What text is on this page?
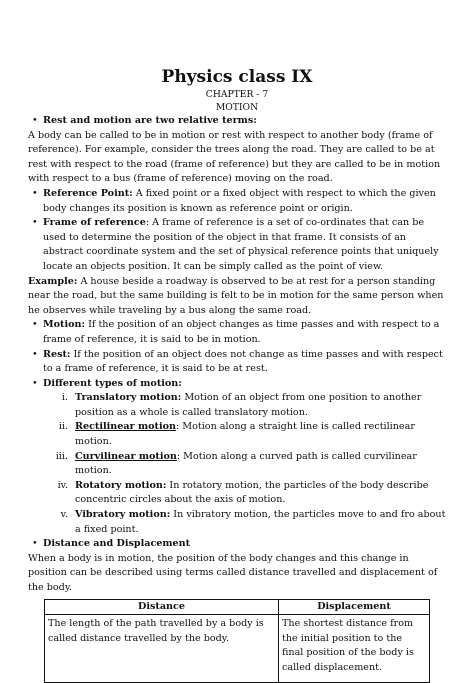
Physics class IX

CHAPTER - 7

MOTION

• Rest and motion are two relative terms:

A body can be called to be in motion or rest with respect to another body (frame of reference). For example, consider the trees along the road. They are called to be at rest with respect to the road (frame of reference) but they are called to be in motion with respect to a bus (frame of reference) moving on the road.

• Reference Point: A fixed point or a fixed object with respect to which the given body changes its position is known as reference point or origin.

• Frame of reference: A frame of reference is a set of co-ordinates that can be used to determine the position of the object in that frame. It consists of an abstract coordinate system and the set of physical reference points that uniquely locate an objects position. It can be simply called as the point of view.

Example: A house beside a roadway is observed to be at rest for a person standing near the road, but the same building is felt to be in motion for the same person when he observes while traveling by a bus along the same road.

• Motion: If the position of an object changes as time passes and with respect to a frame of reference, it is said to be in motion.

• Rest: If the position of an object does not change as time passes and with respect to a frame of reference, it is said to be at rest.

• Different types of motion:

i. Translatory motion: Motion of an object from one position to another position as a whole is called translatory motion.

ii. Rectilinear motion: Motion along a straight line is called rectilinear motion.

iii. Curvilinear motion: Motion along a curved path is called curvilinear motion.

iv. Rotatory motion: In rotatory motion, the particles of the body describe concentric circles about the axis of motion.

v. Vibratory motion: In vibratory motion, the particles move to and fro about a fixed point.

• Distance and Displacement

When a body is in motion, the position of the body changes and this change in position can be described using terms called distance travelled and displacement of the body.

Distance	Displacement
The length of the path travelled by a body is called distance travelled by the body.	The shortest distance from the initial position to the final position of the body is called displacement.
